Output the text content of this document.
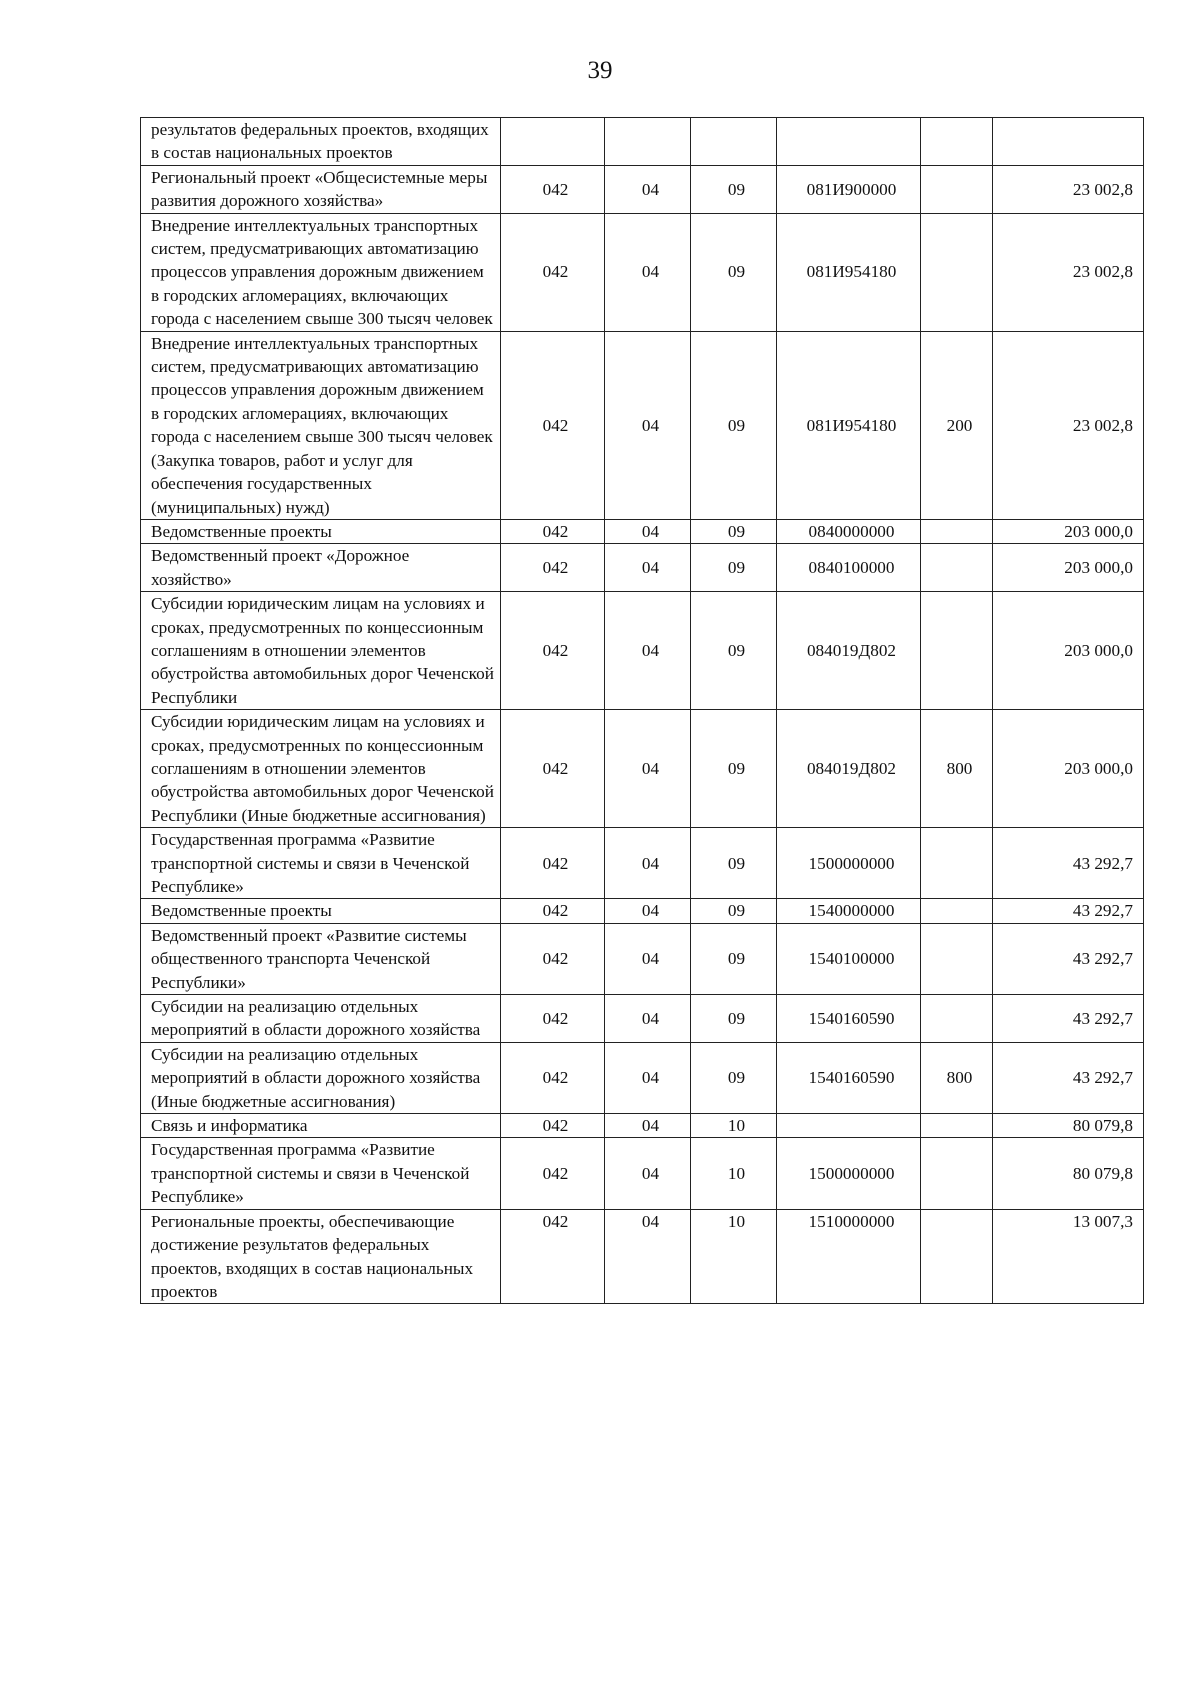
39
результатов федеральных проектов, входящих в состав национальных проектов						
Региональный проект «Общесистемные меры развития дорожного хозяйства»	042	04	09	081И900000		23 002,8
Внедрение интеллектуальных транспортных систем, предусматривающих автоматизацию процессов управления дорожным движением в городских агломерациях, включающих города с населением свыше 300 тысяч человек	042	04	09	081И954180		23 002,8
Внедрение интеллектуальных транспортных систем, предусматривающих автоматизацию процессов управления дорожным движением в городских агломерациях, включающих города с населением свыше 300 тысяч человек (Закупка товаров, работ и услуг для обеспечения государственных (муниципальных) нужд)	042	04	09	081И954180	200	23 002,8
Ведомственные проекты	042	04	09	0840000000		203 000,0
Ведомственный проект «Дорожное хозяйство»	042	04	09	0840100000		203 000,0
Субсидии юридическим лицам на условиях и сроках, предусмотренных по концессионным соглашениям в отношении элементов обустройства автомобильных дорог Чеченской Республики	042	04	09	084019Д802		203 000,0
Субсидии юридическим лицам на условиях и сроках, предусмотренных по концессионным соглашениям в отношении элементов обустройства автомобильных дорог Чеченской Республики (Иные бюджетные ассигнования)	042	04	09	084019Д802	800	203 000,0
Государственная программа «Развитие транспортной системы и связи в Чеченской Республике»	042	04	09	1500000000		43 292,7
Ведомственные проекты	042	04	09	1540000000		43 292,7
Ведомственный проект «Развитие системы общественного транспорта Чеченской Республики»	042	04	09	1540100000		43 292,7
Субсидии на реализацию отдельных мероприятий в области дорожного хозяйства	042	04	09	1540160590		43 292,7
Субсидии на реализацию отдельных мероприятий в области дорожного хозяйства (Иные бюджетные ассигнования)	042	04	09	1540160590	800	43 292,7
Связь и информатика	042	04	10			80 079,8
Государственная программа «Развитие транспортной системы и связи в Чеченской Республике»	042	04	10	1500000000		80 079,8
Региональные проекты, обеспечивающие достижение результатов федеральных проектов, входящих в состав национальных проектов	042	04	10	1510000000		13 007,3
